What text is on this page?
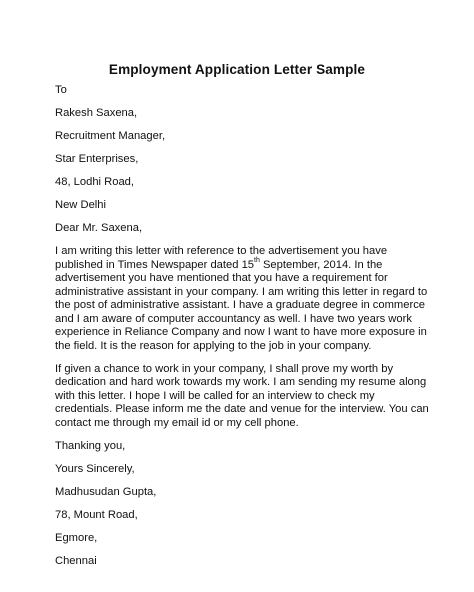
Employment Application Letter Sample
To
Rakesh Saxena,
Recruitment Manager,
Star Enterprises,
48, Lodhi Road,
New Delhi
Dear Mr. Saxena,
I am writing this letter with reference to the advertisement you have
published in Times Newspaper dated 15th September, 2014. In the
advertisement you have mentioned that you have a requirement for
administrative assistant in your company. I am writing this letter in regard to
the post of administrative assistant. I have a graduate degree in commerce
and I am aware of computer accountancy as well. I have two years work
experience in Reliance Company and now I want to have more exposure in
the field. It is the reason for applying to the job in your company.
If given a chance to work in your company, I shall prove my worth by
dedication and hard work towards my work. I am sending my resume along
with this letter. I hope I will be called for an interview to check my
credentials. Please inform me the date and venue for the interview. You can
contact me through my email id or my cell phone.
Thanking you,
Yours Sincerely,
Madhusudan Gupta,
78, Mount Road,
Egmore,
Chennai
